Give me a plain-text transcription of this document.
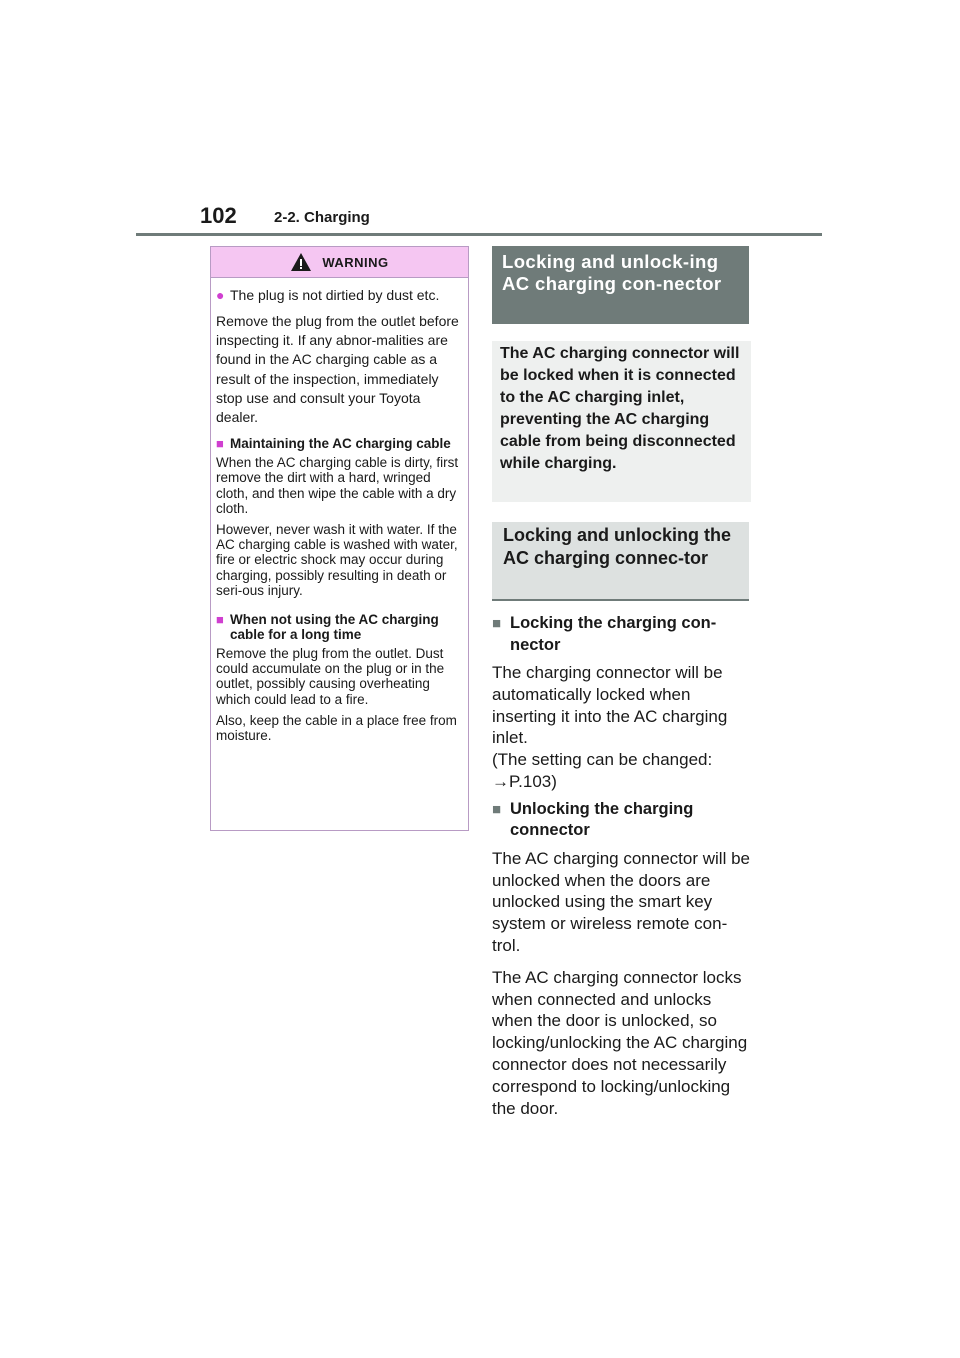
102 2-2. Charging
WARNING
● The plug is not dirtied by dust etc.

Remove the plug from the outlet before inspecting it. If any abnor-malities are found in the AC charging cable as a result of the inspection, immediately stop use and consult your Toyota dealer.

■ Maintaining the AC charging cable

When the AC charging cable is dirty, first remove the dirt with a hard, wringed cloth, and then wipe the cable with a dry cloth.

However, never wash it with water. If the AC charging cable is washed with water, fire or electric shock may occur during charging, possibly resulting in death or seri-ous injury.

■ When not using the AC charging cable for a long time

Remove the plug from the outlet. Dust could accumulate on the plug or in the outlet, possibly causing overheating which could lead to a fire.

Also, keep the cable in a place free from moisture.

Locking and unlock-ing AC charging con-nector
The AC charging connector will be locked when it is connected to the AC charging inlet, preventing the AC charging cable from being disconnected while charging.
Locking and unlocking the AC charging connec-tor
■ Locking the charging con-nector

The charging connector will be automatically locked when inserting it into the AC charging inlet.

(The setting can be changed:

→P.103)

■ Unlocking the charging connector

The AC charging connector will be unlocked when the doors are unlocked using the smart key system or wireless remote con-trol.

The AC charging connector locks when connected and unlocks when the door is unlocked, so locking/unlocking the AC charging connector does not necessarily correspond to locking/unlocking the door.
